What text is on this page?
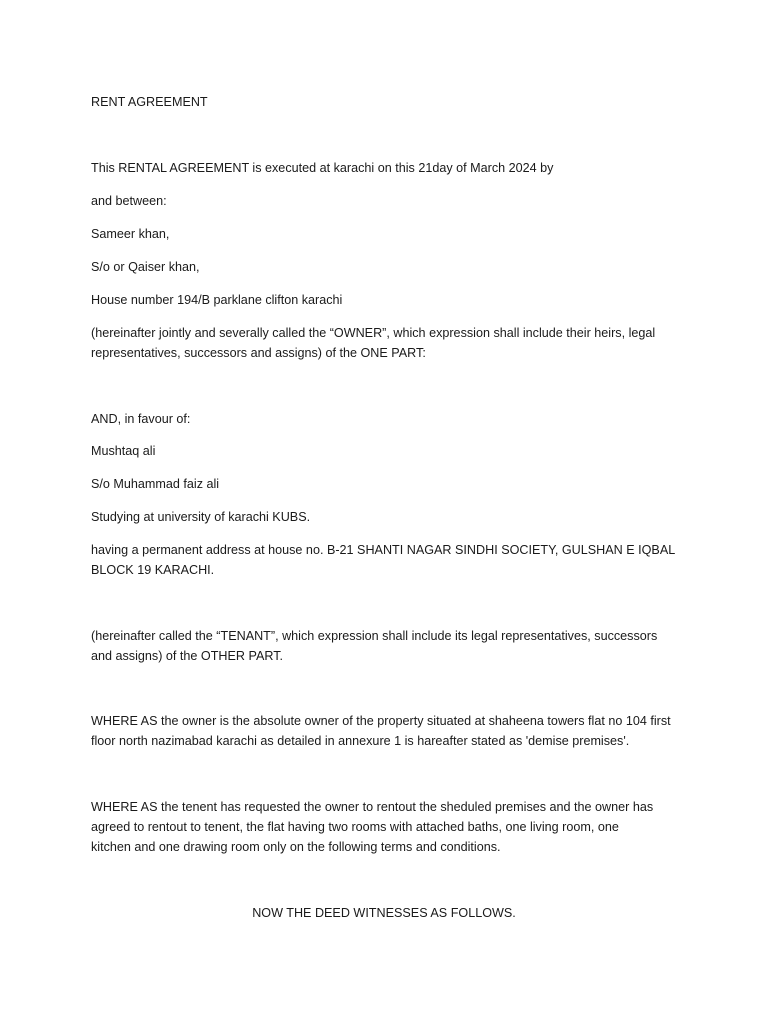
RENT AGREEMENT

This RENTAL AGREEMENT is executed at karachi on this 21day of March 2024 by

and between:

Sameer khan,

S/o or Qaiser khan,

House number 194/B parklane clifton karachi

(hereinafter jointly and severally called the “OWNER”, which expression shall include their heirs, legal

representatives, successors and assigns) of the ONE PART:

AND, in favour of:

Mushtaq ali

S/o Muhammad faiz ali

Studying at university of karachi KUBS.

having a permanent address at house no. B-21 SHANTI NAGAR SINDHI SOCIETY, GULSHAN E IQBAL

BLOCK 19 KARACHI.

(hereinafter called the “TENANT”, which expression shall include its legal representatives, successors

and assigns) of the OTHER PART.

WHERE AS the owner is the absolute owner of the property situated at shaheena towers flat no 104 first

floor north nazimabad karachi as detailed in annexure 1 is hareafter stated as 'demise premises'.

WHERE AS the tenent has requested the owner to rentout the sheduled premises and the owner has

agreed to rentout to tenent, the flat having two rooms with attached baths, one living room, one

kitchen and one drawing room only on the following terms and conditions.

NOW THE DEED WITNESSES AS FOLLOWS.
